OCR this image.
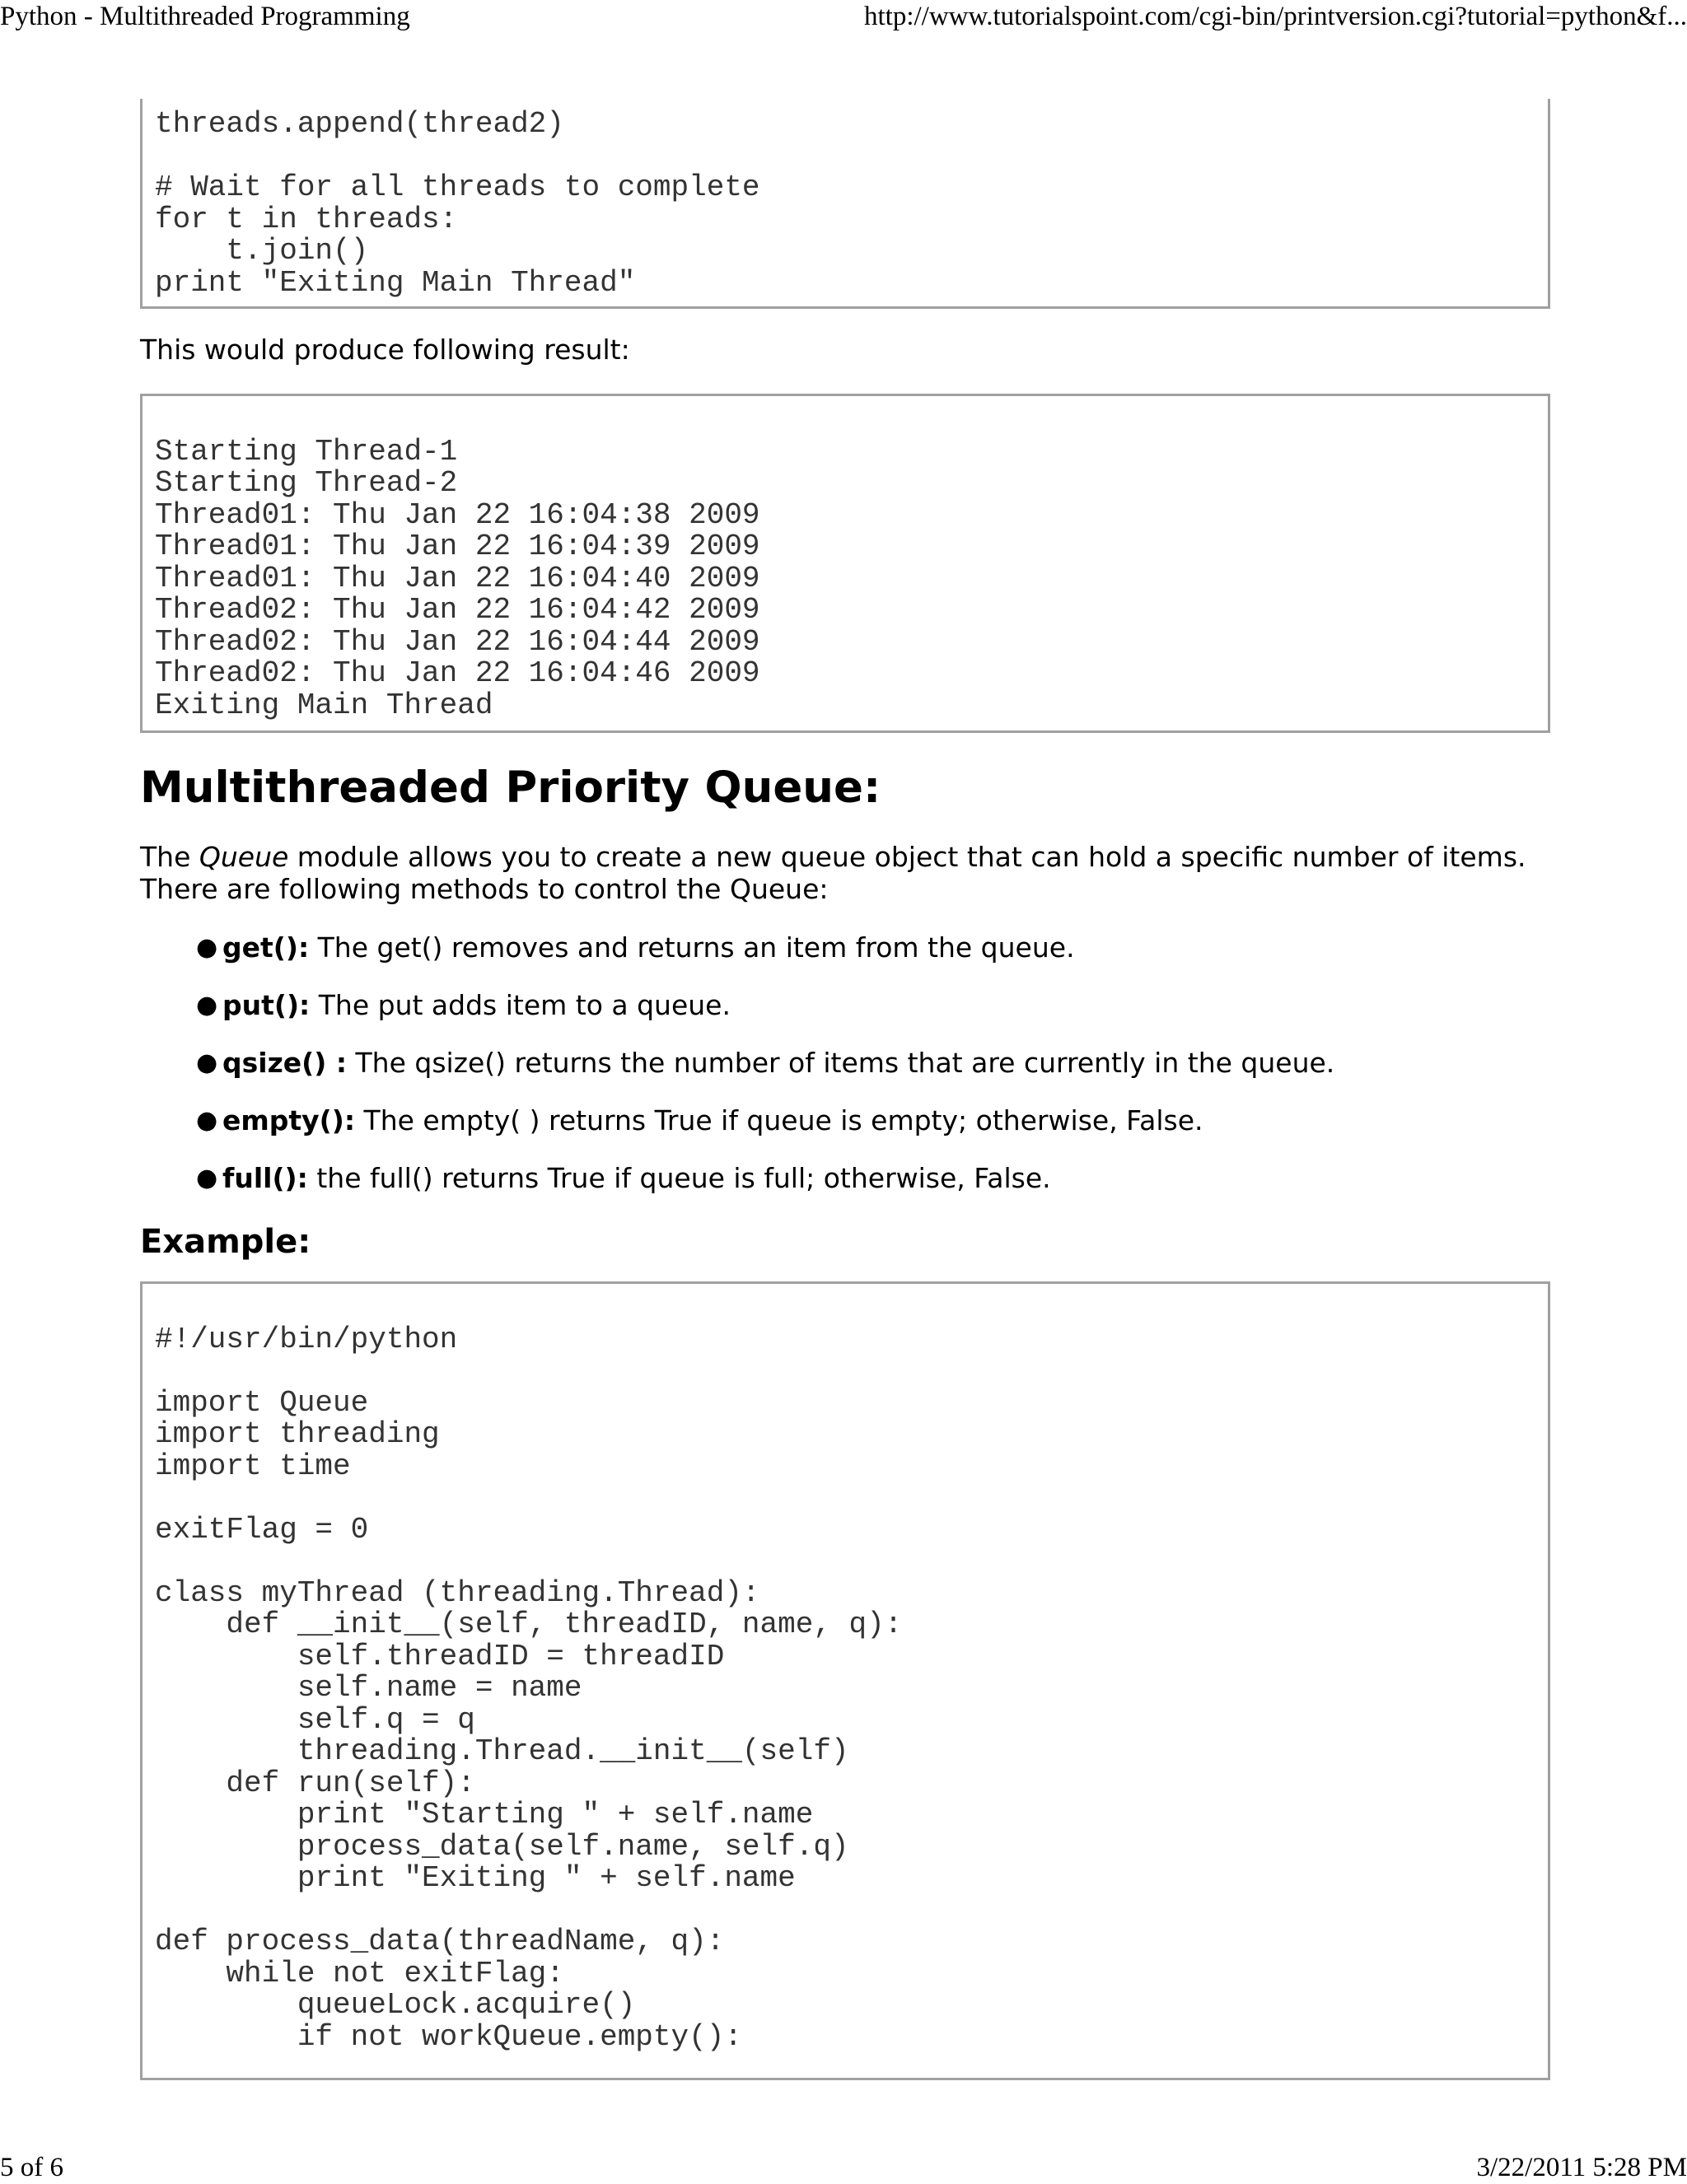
Python - Multithreaded Programming	http://www.tutorialspoint.com/cgi-bin/printversion.cgi?tutorial=python&f...
threads.append(thread2)

# Wait for all threads to complete
for t in threads:
t.join()
print "Exiting Main Thread"
This would produce following result:

Starting Thread-1
Starting Thread-2
Thread01: Thu Jan 22 16:04:38 2009
Thread01: Thu Jan 22 16:04:39 2009
Thread01: Thu Jan 22 16:04:40 2009
Thread02: Thu Jan 22 16:04:42 2009
Thread02: Thu Jan 22 16:04:44 2009
Thread02: Thu Jan 22 16:04:46 2009
Exiting Main Thread
Multithreaded Priority Queue:
The Queue module allows you to create a new queue object that can hold a specific number of items. There are following methods to control the Queue:
● get(): The get() removes and returns an item from the queue.
● put(): The put adds item to a queue.
● qsize() : The qsize() returns the number of items that are currently in the queue.
● empty(): The empty( ) returns True if queue is empty; otherwise, False.
● full(): the full() returns True if queue is full; otherwise, False.
Example:

#!/usr/bin/python

import Queue
import threading
import time

exitFlag = 0

class myThread (threading.Thread):
def __init__(self, threadID, name, q):
self.threadID = threadID
self.name = name
self.q = q
threading.Thread.__init__(self)
def run(self):
print "Starting " + self.name
process_data(self.name, self.q)
print "Exiting " + self.name

def process_data(threadName, q):
while not exitFlag:
queueLock.acquire()
if not workQueue.empty():
5 of 6	3/22/2011 5:28 PM
